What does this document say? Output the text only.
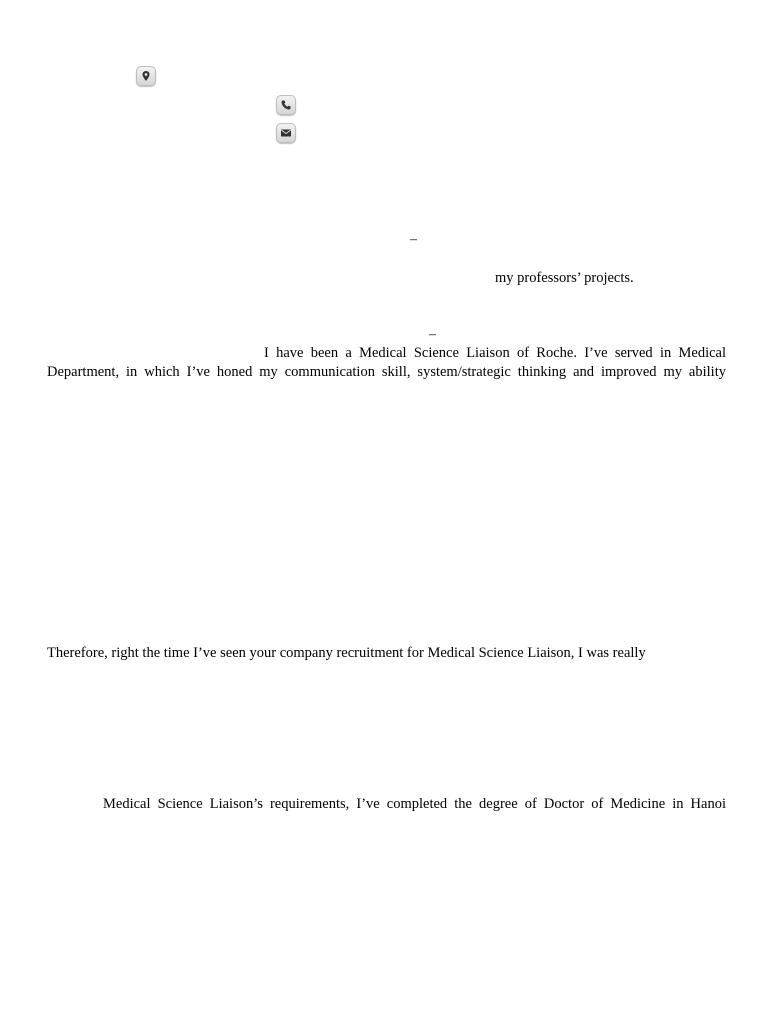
–
my professors’ projects.
–
I have been a Medical Science Liaison of Roche. I’ve served in Medical
Department, in which I’ve honed my communication skill, system/strategic thinking and improved my ability
Therefore, right the time I’ve seen your company recruitment for Medical Science Liaison, I was really
Medical Science Liaison’s requirements, I’ve completed the degree of Doctor of Medicine in Hanoi
